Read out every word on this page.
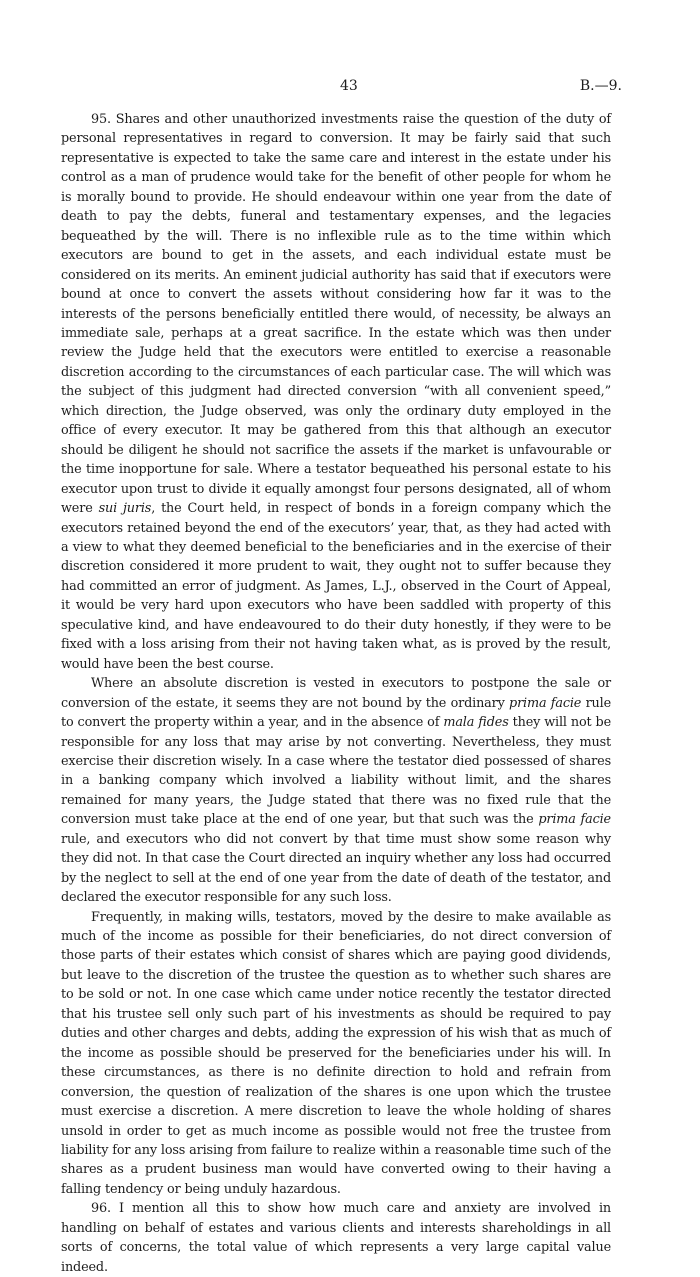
43	B.—9.

95. Shares and other unauthorized investments raise the question of the duty of personal representatives in regard to conversion. It may be fairly said that such representative is expected to take the same care and interest in the estate under his control as a man of prudence would take for the benefit of other people for whom he is morally bound to provide. He should endeavour within one year from the date of death to pay the debts, funeral and testamentary expenses, and the legacies bequeathed by the will. There is no inflexible rule as to the time within which executors are bound to get in the assets, and each individual estate must be considered on its merits. An eminent judicial authority has said that if executors were bound at once to convert the assets without considering how far it was to the interests of the persons beneficially entitled there would, of necessity, be always an immediate sale, perhaps at a great sacrifice. In the estate which was then under review the Judge held that the executors were entitled to exercise a reasonable discretion according to the circumstances of each particular case. The will which was the subject of this judgment had directed conversion “with all convenient speed,” which direction, the Judge observed, was only the ordinary duty employed in the office of every executor. It may be gathered from this that although an executor should be diligent he should not sacrifice the assets if the market is unfavourable or the time inopportune for sale. Where a testator bequeathed his personal estate to his executor upon trust to divide it equally amongst four persons designated, all of whom were sui juris, the Court held, in respect of bonds in a foreign company which the executors retained beyond the end of the executors’ year, that, as they had acted with a view to what they deemed beneficial to the beneficiaries and in the exercise of their discretion considered it more prudent to wait, they ought not to suffer because they had committed an error of judgment. As James, L.J., observed in the Court of Appeal, it would be very hard upon executors who have been saddled with property of this speculative kind, and have endeavoured to do their duty honestly, if they were to be fixed with a loss arising from their not having taken what, as is proved by the result, would have been the best course.

Where an absolute discretion is vested in executors to postpone the sale or conversion of the estate, it seems they are not bound by the ordinary prima facie rule to convert the property within a year, and in the absence of mala fides they will not be responsible for any loss that may arise by not converting. Nevertheless, they must exercise their discretion wisely. In a case where the testator died possessed of shares in a banking company which involved a liability without limit, and the shares remained for many years, the Judge stated that there was no fixed rule that the conversion must take place at the end of one year, but that such was the prima facie rule, and executors who did not convert by that time must show some reason why they did not. In that case the Court directed an inquiry whether any loss had occurred by the neglect to sell at the end of one year from the date of death of the testator, and declared the executor responsible for any such loss.

Frequently, in making wills, testators, moved by the desire to make available as much of the income as possible for their beneficiaries, do not direct conversion of those parts of their estates which consist of shares which are paying good dividends, but leave to the discretion of the trustee the question as to whether such shares are to be sold or not. In one case which came under notice recently the testator directed that his trustee sell only such part of his investments as should be required to pay duties and other charges and debts, adding the expression of his wish that as much of the income as possible should be preserved for the beneficiaries under his will. In these circumstances, as there is no definite direction to hold and refrain from conversion, the question of realization of the shares is one upon which the trustee must exercise a discretion. A mere discretion to leave the whole holding of shares unsold in order to get as much income as possible would not free the trustee from liability for any loss arising from failure to realize within a reasonable time such of the shares as a prudent business man would have converted owing to their having a falling tendency or being unduly hazardous.

96. I mention all this to show how much care and anxiety are involved in handling on behalf of estates and various clients and interests shareholdings in all sorts of concerns, the total value of which represents a very large capital value indeed.
